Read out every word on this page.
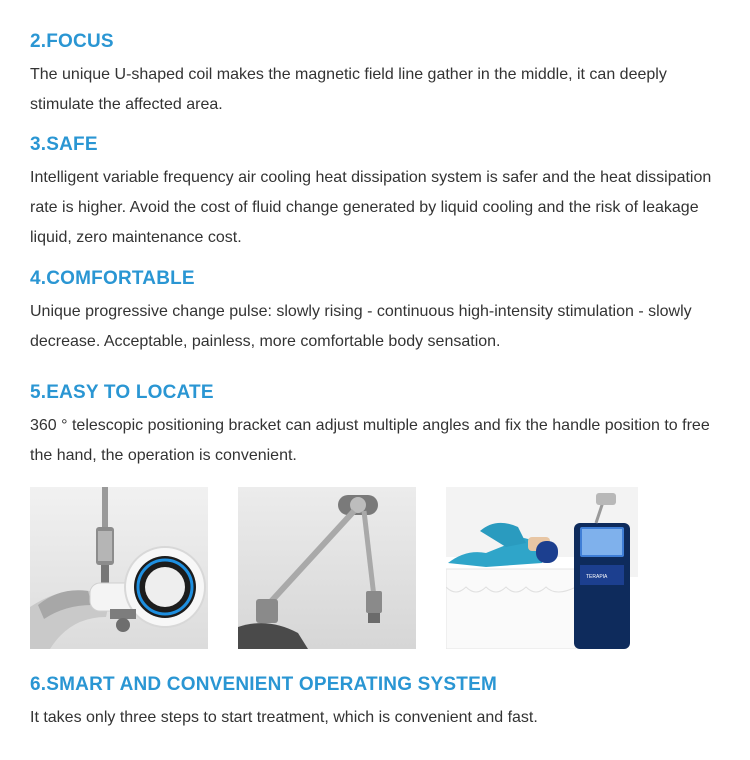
2.FOCUS

The unique U-shaped coil makes the magnetic field line gather in the middle, it can deeply stimulate the affected area.

3.SAFE

Intelligent variable frequency air cooling heat dissipation system is safer and the heat dissipation rate is higher. Avoid the cost of fluid change generated by liquid cooling and the risk of leakage liquid, zero maintenance cost.

4.COMFORTABLE

Unique progressive change pulse: slowly rising - continuous high-intensity stimulation - slowly decrease. Acceptable, painless, more comfortable body sensation.

5.EASY TO LOCATE

360 ° telescopic positioning bracket can adjust multiple angles and fix the handle position to free the hand, the operation is convenient.

TERAPIA
6.SMART AND CONVENIENT OPERATING SYSTEM

It takes only three steps to start treatment, which is convenient and fast.
